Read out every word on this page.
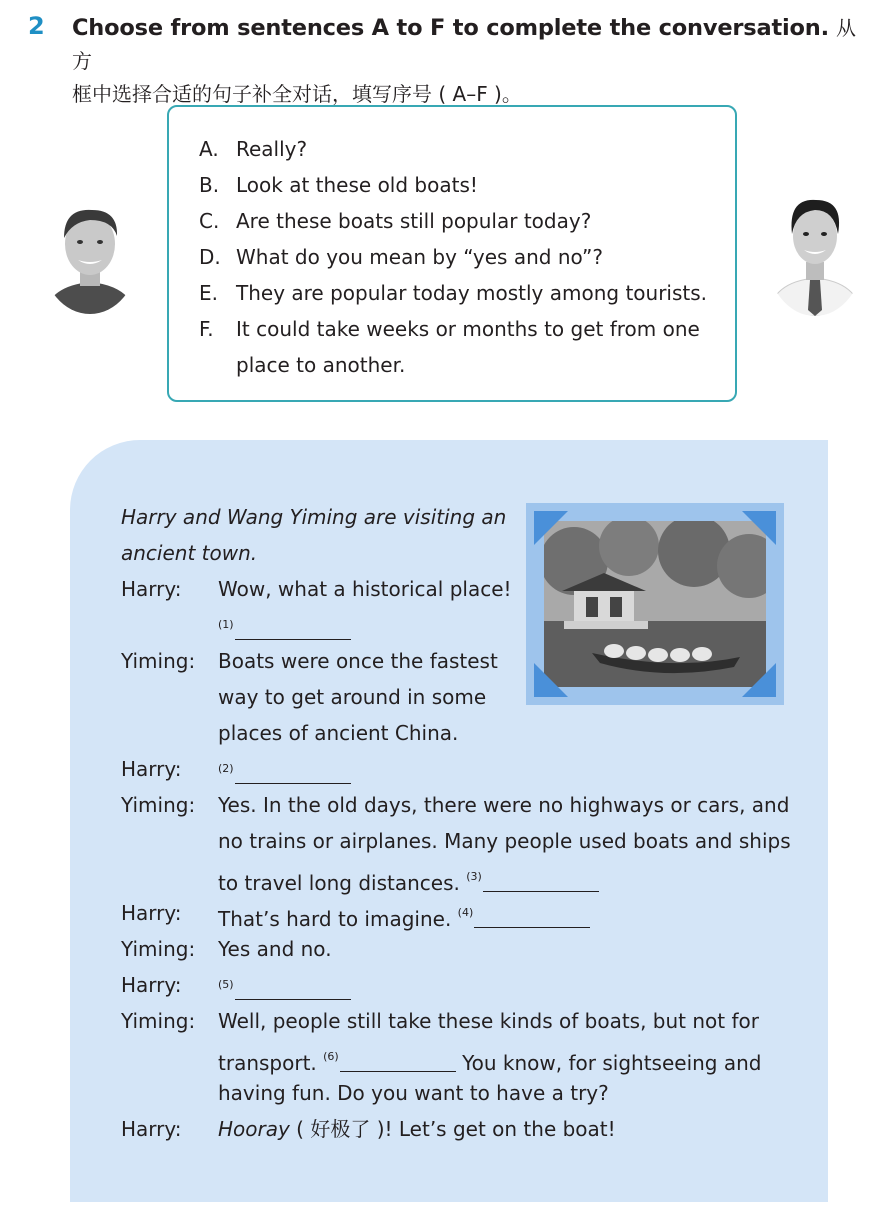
2 Choose from sentences A to F to complete the conversation. 从方
框中选择合适的句子补全对话，填写序号 ( A–F )。
A. Really?
B. Look at these old boats!
C. Are these boats still popular today?
D. What do you mean by “yes and no”?
E. They are popular today mostly among tourists.
F.	It could take weeks or months to get from one
place to another.
Harry and Wang Yiming are visiting an
ancient town.
Harry: Wow, what a historical place!
$^{(1)}$
Yiming: Boats were once the fastest
way to get around in some
places of ancient China.
Harry:	$^{(2)}$
Yiming: Yes. In the old days, there were no highways or cars, and
no trains or airplanes. Many people used boats and ships
to travel long distances. $^{(3)}$
Harry: That’s hard to imagine. $^{(4)}$
Yiming: Yes and no.
Harry:	$^{(5)}$
Yiming: Well, people still take these kinds of boats, but not for
transport. $^{(6)}$	You know, for sightseeing and
having fun. Do you want to have a try?
Harry: Hooray ( 好极了 )! Let’s get on the boat!
